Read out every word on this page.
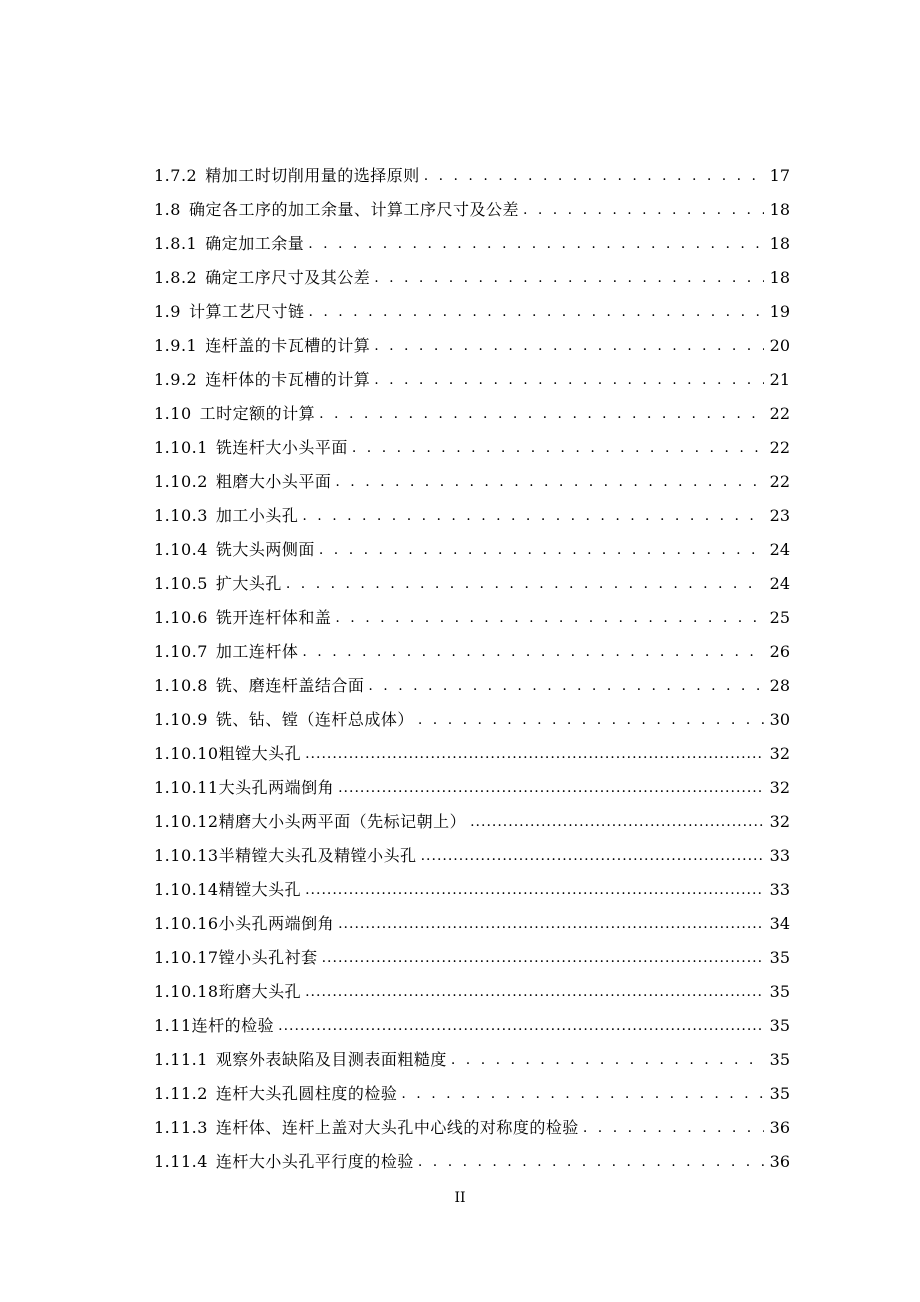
1.7.2 精加工时切削用量的选择原则 . . .	17
1.8 确定各工序的加工余量、计算工序尺寸及公差 . . .	18
1.8.1 确定加工余量 . . .	18
1.8.2 确定工序尺寸及其公差 . . .	18
1.9 计算工艺尺寸链 . . .	19
1.9.1 连杆盖的卡瓦槽的计算 . . .	20
1.9.2 连杆体的卡瓦槽的计算 . . .	21
1.10 工时定额的计算 . . .	22
1.10.1 铣连杆大小头平面 . . .	22
1.10.2 粗磨大小头平面 . . .	22
1.10.3 加工小头孔 . . .	23
1.10.4 铣大头两侧面 . . .	24
1.10.5 扩大头孔 . . .	24
1.10.6 铣开连杆体和盖 . . .	25
1.10.7 加工连杆体 . . .	26
1.10.8 铣、磨连杆盖结合面 . . .	28
1.10.9 铣、钻、镗（连杆总成体） . . .	30
1.10.10粗镗大头孔 .....	32
1.10.11大头孔两端倒角 .....	32
1.10.12精磨大小头两平面（先标记朝上） .....	32
1.10.13半精镗大头孔及精镗小头孔 .....	33
1.10.14精镗大头孔 .....	33
1.10.16小头孔两端倒角 .....	34
1.10.17镗小头孔衬套 .....	35
1.10.18珩磨大头孔 .....	35
1.11连杆的检验 .....	35
1.11.1 观察外表缺陷及目测表面粗糙度 . . .	35
1.11.2 连杆大头孔圆柱度的检验 . . .	35
1.11.3 连杆体、连杆上盖对大头孔中心线的对称度的检验 . . .	36
1.11.4 连杆大小头孔平行度的检验 . . .	36
II
